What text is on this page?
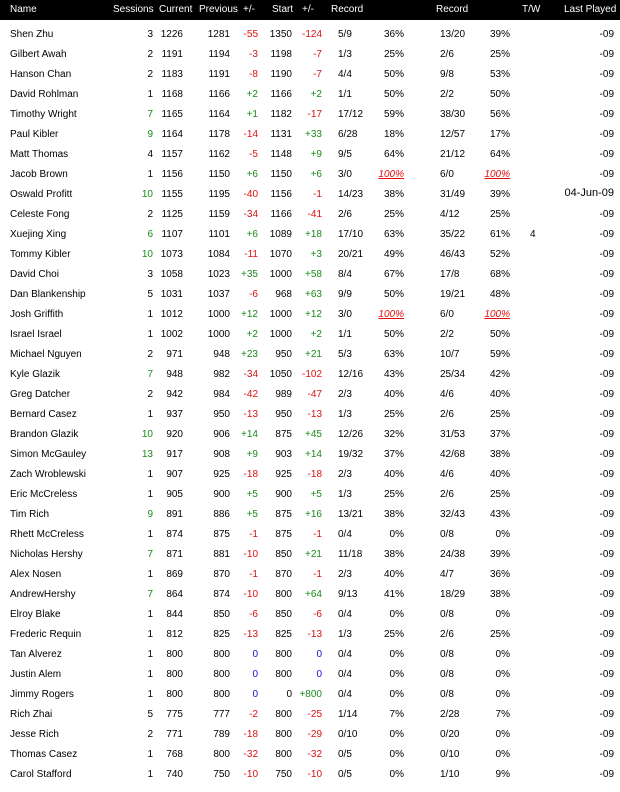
Name	Sessions Current Previous +/- Start +/- Record	Record	T/W Last Played
Shen Zhu	3 1226 1281 -55 1350 -124 5/9	36%	13/20 39%	-09
Gilbert Awah	2 1191	1194 -3 1198 -7 1/3	25%	2/6	25%	-09
Hanson Chan	2 1183	1191 -8 1190 -7 4/4	50%	9/8	53%	-09
David Rohlman	1 1168	1166 +2 1166 +2 1/1	50%	2/2	50%	-09
Timothy Wright	7 1165	1164 +1 1182 -17 17/12 59%	38/30 56%	-09
Paul Kibler	9 1164	1178 -14 1131 +33 6/28	18%	12/57 17%	-09
Matt Thomas	4 1157	1162 -5 1148 +9 9/5	64%	21/12 64%	-09
Jacob Brown	1 1156	1150 +6 1150 +6 3/0	100%	6/0	100%	-09
Oswald Profitt	10 1155	1195 -40 1156 -1 14/23 38%	31/49 39%	04-Jun-09
Celeste Fong	2 1125	1159 -34 1166 -41 2/6	25%	4/12	25%	-09
Xuejing Xing	6 1107	1101 +6 1089 +18 17/10 63%	35/22 61% 4	-09
Tommy Kibler	10 1073 1084 -11 1070 +3 20/21 49%	46/43 52%	-09
David Choi	3 1058 1023 +35 1000 +58 8/4	67%	17/8	68%	-09
Dan Blankenship	5 1031 1037 -6 968 +63 9/9	50%	19/21 48%	-09
Josh Griffith	1 1012 1000 +12 1000 +12 3/0	100%	6/0	100%	-09
Israel Israel	1 1002 1000 +2 1000 +2 1/1	50%	2/2	50%	-09
Michael Nguyen	2 971	948 +23 950 +21 5/3	63%	10/7	59%	-09
Kyle Glazik	7 948	982 -34 1050 -102 12/16 43%	25/34 42%	-09
Greg Datcher	2 942	984 -42 989 -47 2/3	40%	4/6	40%	-09
Bernard Casez	1 937	950 -13 950 -13 1/3	25%	2/6	25%	-09
Brandon Glazik	10 920	906 +14 875 +45 12/26 32%	31/53 37%	-09
Simon McGauley	13 917	908 +9 903 +14 19/32 37%	42/68 38%	-09
Zach Wroblewski	1 907	925 -18 925 -18 2/3	40%	4/6	40%	-09
Eric McCreless	1 905	900 +5 900 +5 1/3	25%	2/6	25%	-09
Tim Rich	9 891	886 +5 875 +16 13/21 38%	32/43 43%	-09
Rhett McCreless	1 874	875 -1 875 -1 0/4	0%	0/8	0%	-09
Nicholas Hershy	7 871	881 -10 850 +21 11/18 38%	24/38 39%	-09
Alex Nosen	1 869	870 -1 870 -1 2/3	40%	4/7	36%	-09
AndrewHershy	7 864	874 -10 800 +64 9/13	41%	18/29 38%	-09
Elroy Blake	1 844	850 -6 850 -6 0/4	0%	0/8	0%	-09
Frederic Requin	1 812	825 -13 825 -13 1/3	25%	2/6	25%	-09
Tan Alverez	1 800	800 0 800 0 0/4	0%	0/8	0%	-09
Justin Alem	1 800	800 0 800 0 0/4	0%	0/8	0%	-09
Jimmy Rogers	1 800	800 0	0 +800 0/4	0%	0/8	0%	-09
Rich Zhai	5 775	777 -2 800 -25 1/14	7%	2/28	7%	-09
Jesse Rich	2 771	789 -18 800 -29 0/10	0%	0/20	0%	-09
Thomas Casez	1 768	800 -32 800 -32 0/5	0%	0/10	0%	-09
Carol Stafford	1 740	750 -10 750 -10 0/5	0%	1/10	9%	-09
